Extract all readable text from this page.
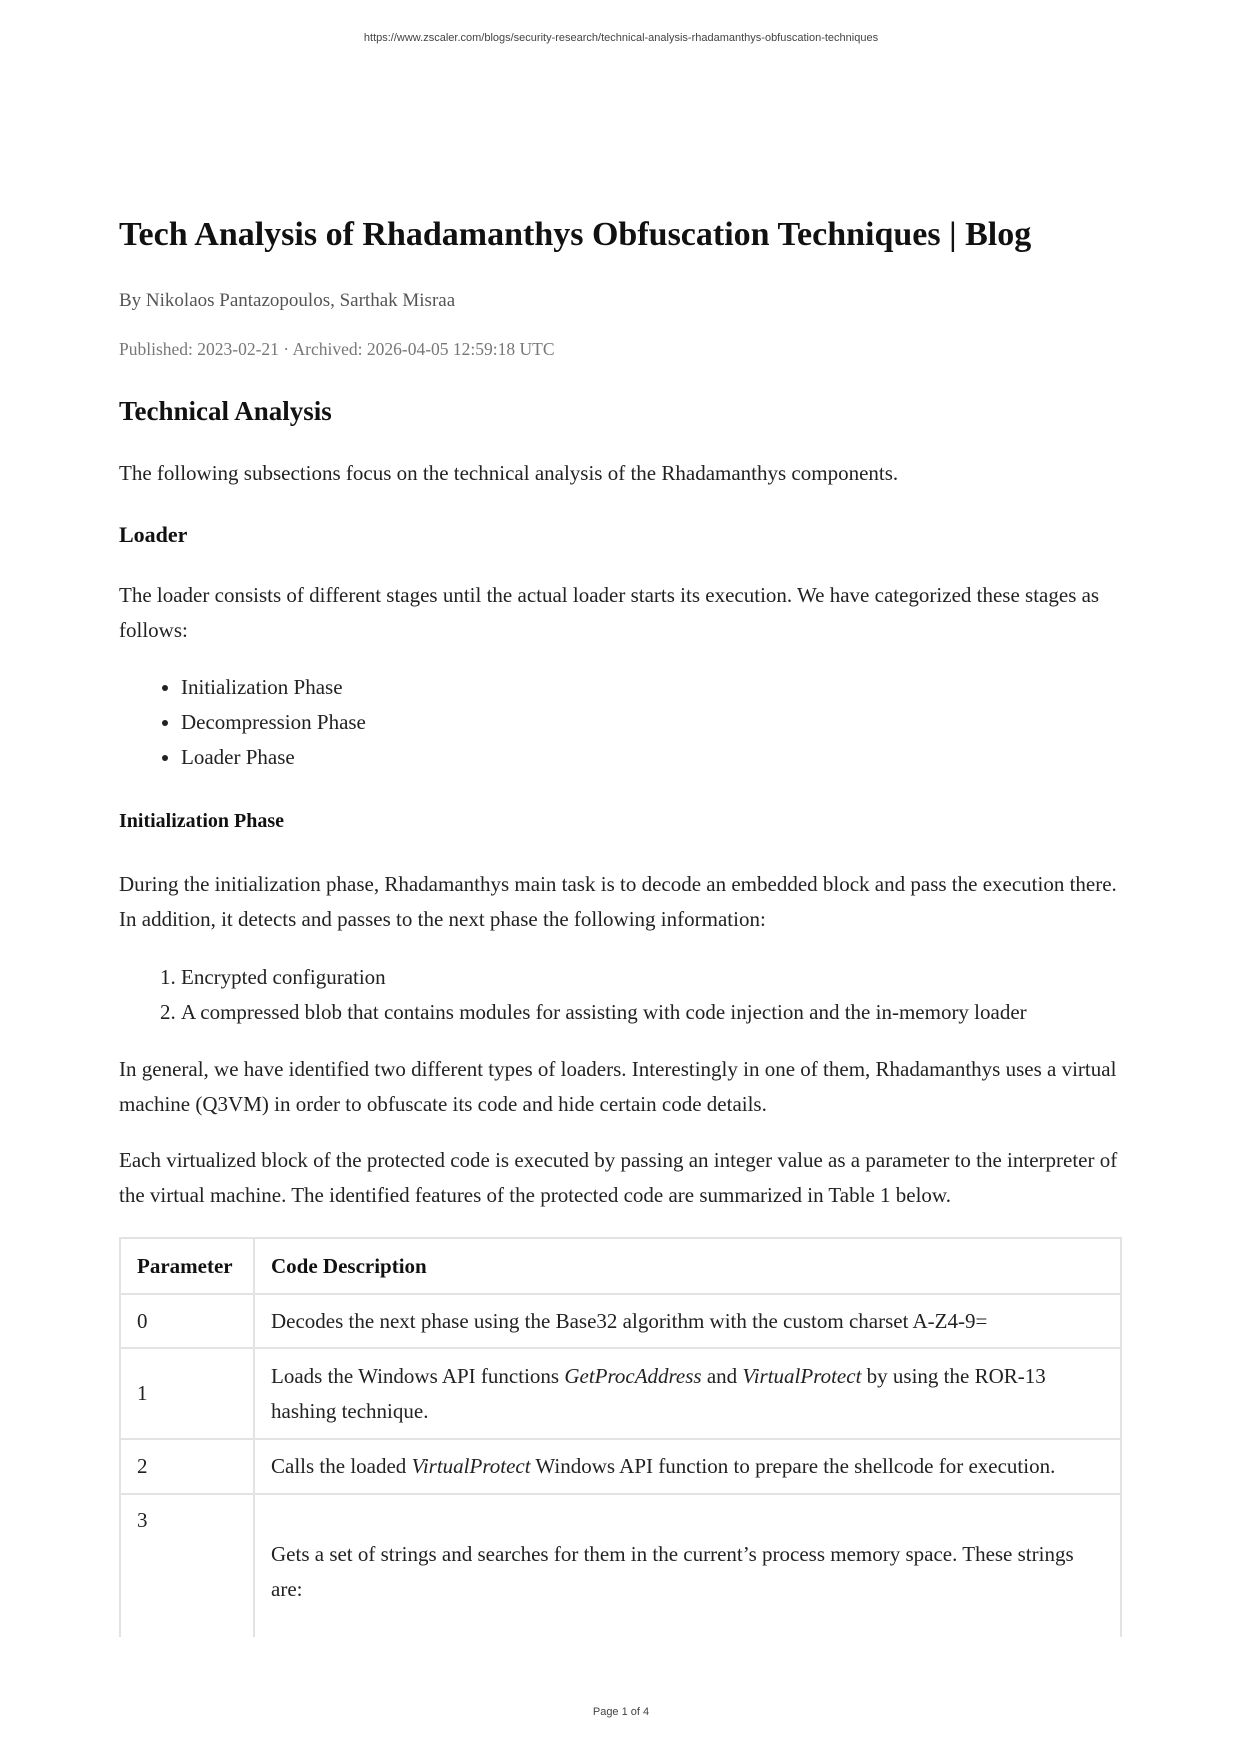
https://www.zscaler.com/blogs/security-research/technical-analysis-rhadamanthys-obfuscation-techniques
Tech Analysis of Rhadamanthys Obfuscation Techniques | Blog
By Nikolaos Pantazopoulos, Sarthak Misraa
Published: 2023-02-21 · Archived: 2026-04-05 12:59:18 UTC
Technical Analysis

The following subsections focus on the technical analysis of the Rhadamanthys components.

Loader

The loader consists of different stages until the actual loader starts its execution. We have categorized these stages as follows:

• Initialization Phase
• Decompression Phase
• Loader Phase
Initialization Phase

During the initialization phase, Rhadamanthys main task is to decode an embedded block and pass the execution there. In addition, it detects and passes to the next phase the following information:

1. Encrypted configuration
2. A compressed blob that contains modules for assisting with code injection and the in-memory loader

In general, we have identified two different types of loaders. Interestingly in one of them, Rhadamanthys uses a virtual machine (Q3VM) in order to obfuscate its code and hide certain code details.

Each virtualized block of the protected code is executed by passing an integer value as a parameter to the interpreter of the virtual machine. The identified features of the protected code are summarized in Table 1 below.

Parameter	Code Description
0	Decodes the next phase using the Base32 algorithm with the custom charset A-Z4-9=
1	Loads the Windows API functions GetProcAddress and VirtualProtect by using the ROR-13 hashing technique.
2	Calls the loaded VirtualProtect Windows API function to prepare the shellcode for execution.
3	Gets a set of strings and searches for them in the current’s process memory space. These strings are:
Page 1 of 4
